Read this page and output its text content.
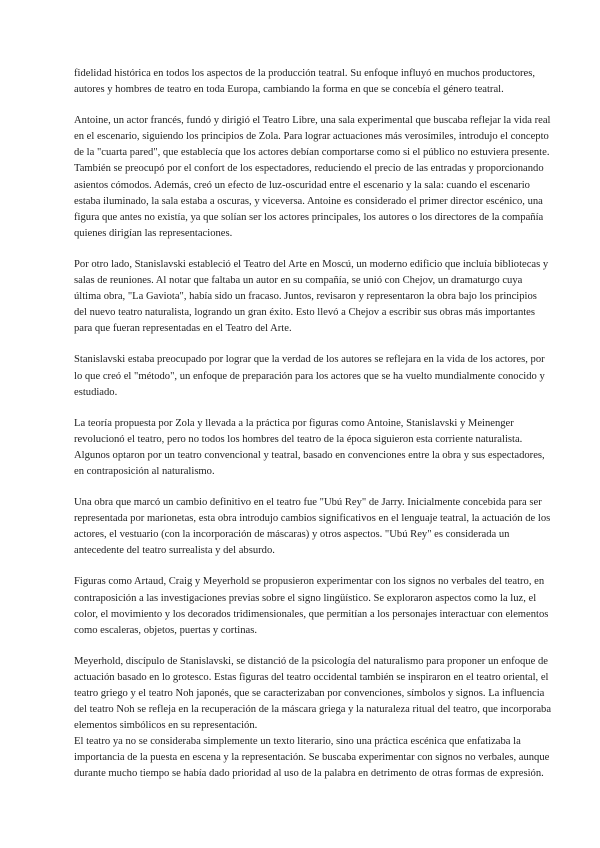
fidelidad histórica en todos los aspectos de la producción teatral. Su enfoque influyó en muchos productores, autores y hombres de teatro en toda Europa, cambiando la forma en que se concebía el género teatral.

Antoine, un actor francés, fundó y dirigió el Teatro Libre, una sala experimental que buscaba reflejar la vida real en el escenario, siguiendo los principios de Zola. Para lograr actuaciones más verosímiles, introdujo el concepto de la "cuarta pared", que establecía que los actores debían comportarse como si el público no estuviera presente. También se preocupó por el confort de los espectadores, reduciendo el precio de las entradas y proporcionando asientos cómodos. Además, creó un efecto de luz-oscuridad entre el escenario y la sala: cuando el escenario estaba iluminado, la sala estaba a oscuras, y viceversa. Antoine es considerado el primer director escénico, una figura que antes no existía, ya que solían ser los actores principales, los autores o los directores de la compañía quienes dirigían las representaciones.

Por otro lado, Stanislavski estableció el Teatro del Arte en Moscú, un moderno edificio que incluía bibliotecas y salas de reuniones. Al notar que faltaba un autor en su compañía, se unió con Chejov, un dramaturgo cuya última obra, "La Gaviota", había sido un fracaso. Juntos, revisaron y representaron la obra bajo los principios del nuevo teatro naturalista, logrando un gran éxito. Esto llevó a Chejov a escribir sus obras más importantes para que fueran representadas en el Teatro del Arte.

Stanislavski estaba preocupado por lograr que la verdad de los autores se reflejara en la vida de los actores, por lo que creó el "método", un enfoque de preparación para los actores que se ha vuelto mundialmente conocido y estudiado.

La teoría propuesta por Zola y llevada a la práctica por figuras como Antoine, Stanislavski y Meinenger revolucionó el teatro, pero no todos los hombres del teatro de la época siguieron esta corriente naturalista. Algunos optaron por un teatro convencional y teatral, basado en convenciones entre la obra y sus espectadores, en contraposición al naturalismo.

Una obra que marcó un cambio definitivo en el teatro fue "Ubú Rey" de Jarry. Inicialmente concebida para ser representada por marionetas, esta obra introdujo cambios significativos en el lenguaje teatral, la actuación de los actores, el vestuario (con la incorporación de máscaras) y otros aspectos. "Ubú Rey" es considerada un antecedente del teatro surrealista y del absurdo.

Figuras como Artaud, Craig y Meyerhold se propusieron experimentar con los signos no verbales del teatro, en contraposición a las investigaciones previas sobre el signo lingüístico. Se exploraron aspectos como la luz, el color, el movimiento y los decorados tridimensionales, que permitían a los personajes interactuar con elementos como escaleras, objetos, puertas y cortinas.

Meyerhold, discípulo de Stanislavski, se distanció de la psicología del naturalismo para proponer un enfoque de actuación basado en lo grotesco. Estas figuras del teatro occidental también se inspiraron en el teatro oriental, el teatro griego y el teatro Noh japonés, que se caracterizaban por convenciones, símbolos y signos. La influencia del teatro Noh se refleja en la recuperación de la máscara griega y la naturaleza ritual del teatro, que incorporaba elementos simbólicos en su representación.

El teatro ya no se consideraba simplemente un texto literario, sino una práctica escénica que enfatizaba la importancia de la puesta en escena y la representación. Se buscaba experimentar con signos no verbales, aunque durante mucho tiempo se había dado prioridad al uso de la palabra en detrimento de otras formas de expresión.
